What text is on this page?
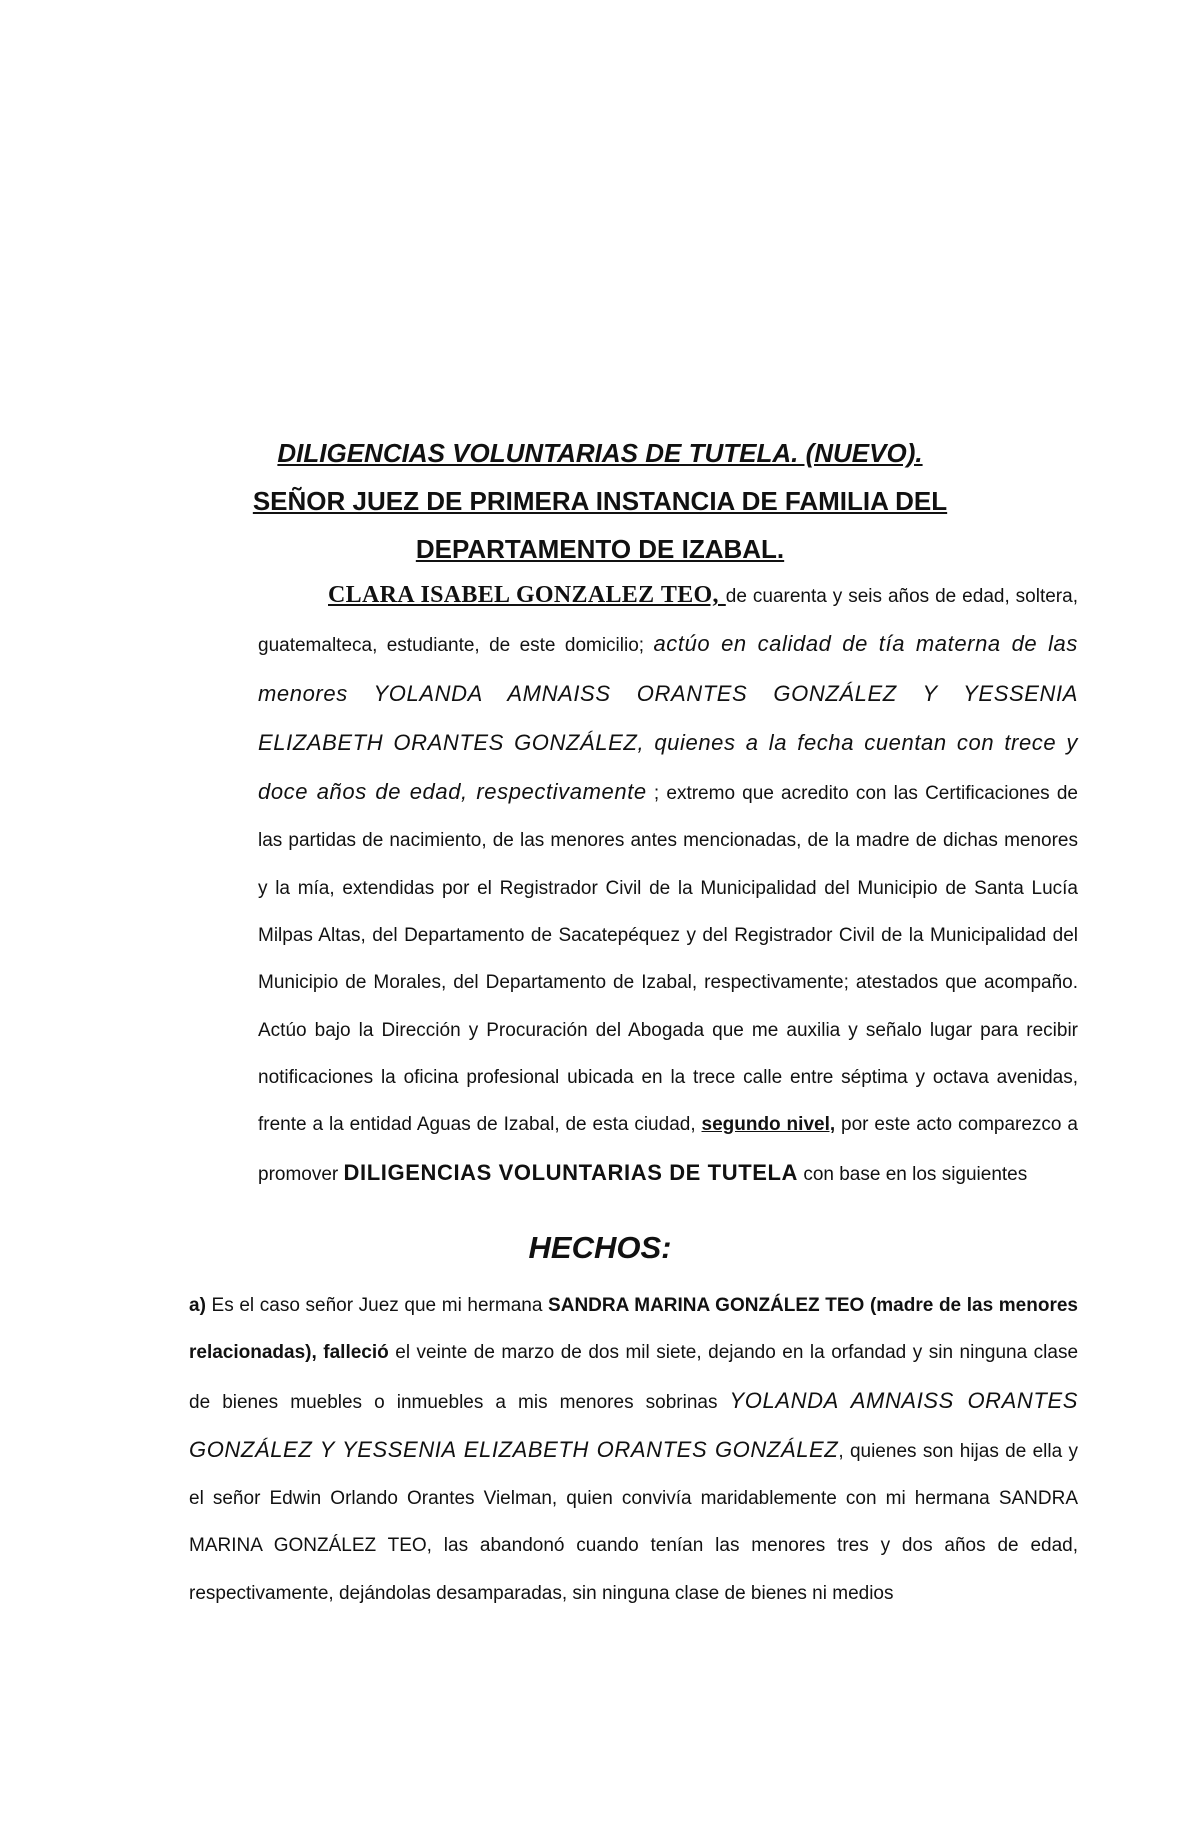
DILIGENCIAS VOLUNTARIAS DE TUTELA. (NUEVO).
SEÑOR JUEZ DE PRIMERA INSTANCIA DE FAMILIA DEL
DEPARTAMENTO DE IZABAL.
CLARA ISABEL GONZALEZ TEO, de cuarenta y seis años de edad, soltera, guatemalteca, estudiante, de este domicilio; actúo en calidad de tía materna de las menores YOLANDA AMNAISS ORANTES GONZÁLEZ Y YESSENIA ELIZABETH ORANTES GONZÁLEZ, quienes a la fecha cuentan con trece y doce años de edad, respectivamente ; extremo que acredito con las Certificaciones de las partidas de nacimiento, de las menores antes mencionadas, de la madre de dichas menores y la mía, extendidas por el Registrador Civil de la Municipalidad del Municipio de Santa Lucía Milpas Altas, del Departamento de Sacatepéquez y del Registrador Civil de la Municipalidad del Municipio de Morales, del Departamento de Izabal, respectivamente; atestados que acompaño. Actúo bajo la Dirección y Procuración del Abogada que me auxilia y señalo lugar para recibir notificaciones la oficina profesional ubicada en la trece calle entre séptima y octava avenidas, frente a la entidad Aguas de Izabal, de esta ciudad, segundo nivel, por este acto comparezco a promover DILIGENCIAS VOLUNTARIAS DE TUTELA con base en los siguientes
HECHOS:
a) Es el caso señor Juez que mi hermana SANDRA MARINA GONZÁLEZ TEO (madre de las menores relacionadas), falleció el veinte de marzo de dos mil siete, dejando en la orfandad y sin ninguna clase de bienes muebles o inmuebles a mis menores sobrinas YOLANDA AMNAISS ORANTES GONZÁLEZ Y YESSENIA ELIZABETH ORANTES GONZÁLEZ, quienes son hijas de ella y el señor Edwin Orlando Orantes Vielman, quien convivía maridablemente con mi hermana SANDRA MARINA GONZÁLEZ TEO, las abandonó cuando tenían las menores tres y dos años de edad, respectivamente, dejándolas desamparadas, sin ninguna clase de bienes ni medios
